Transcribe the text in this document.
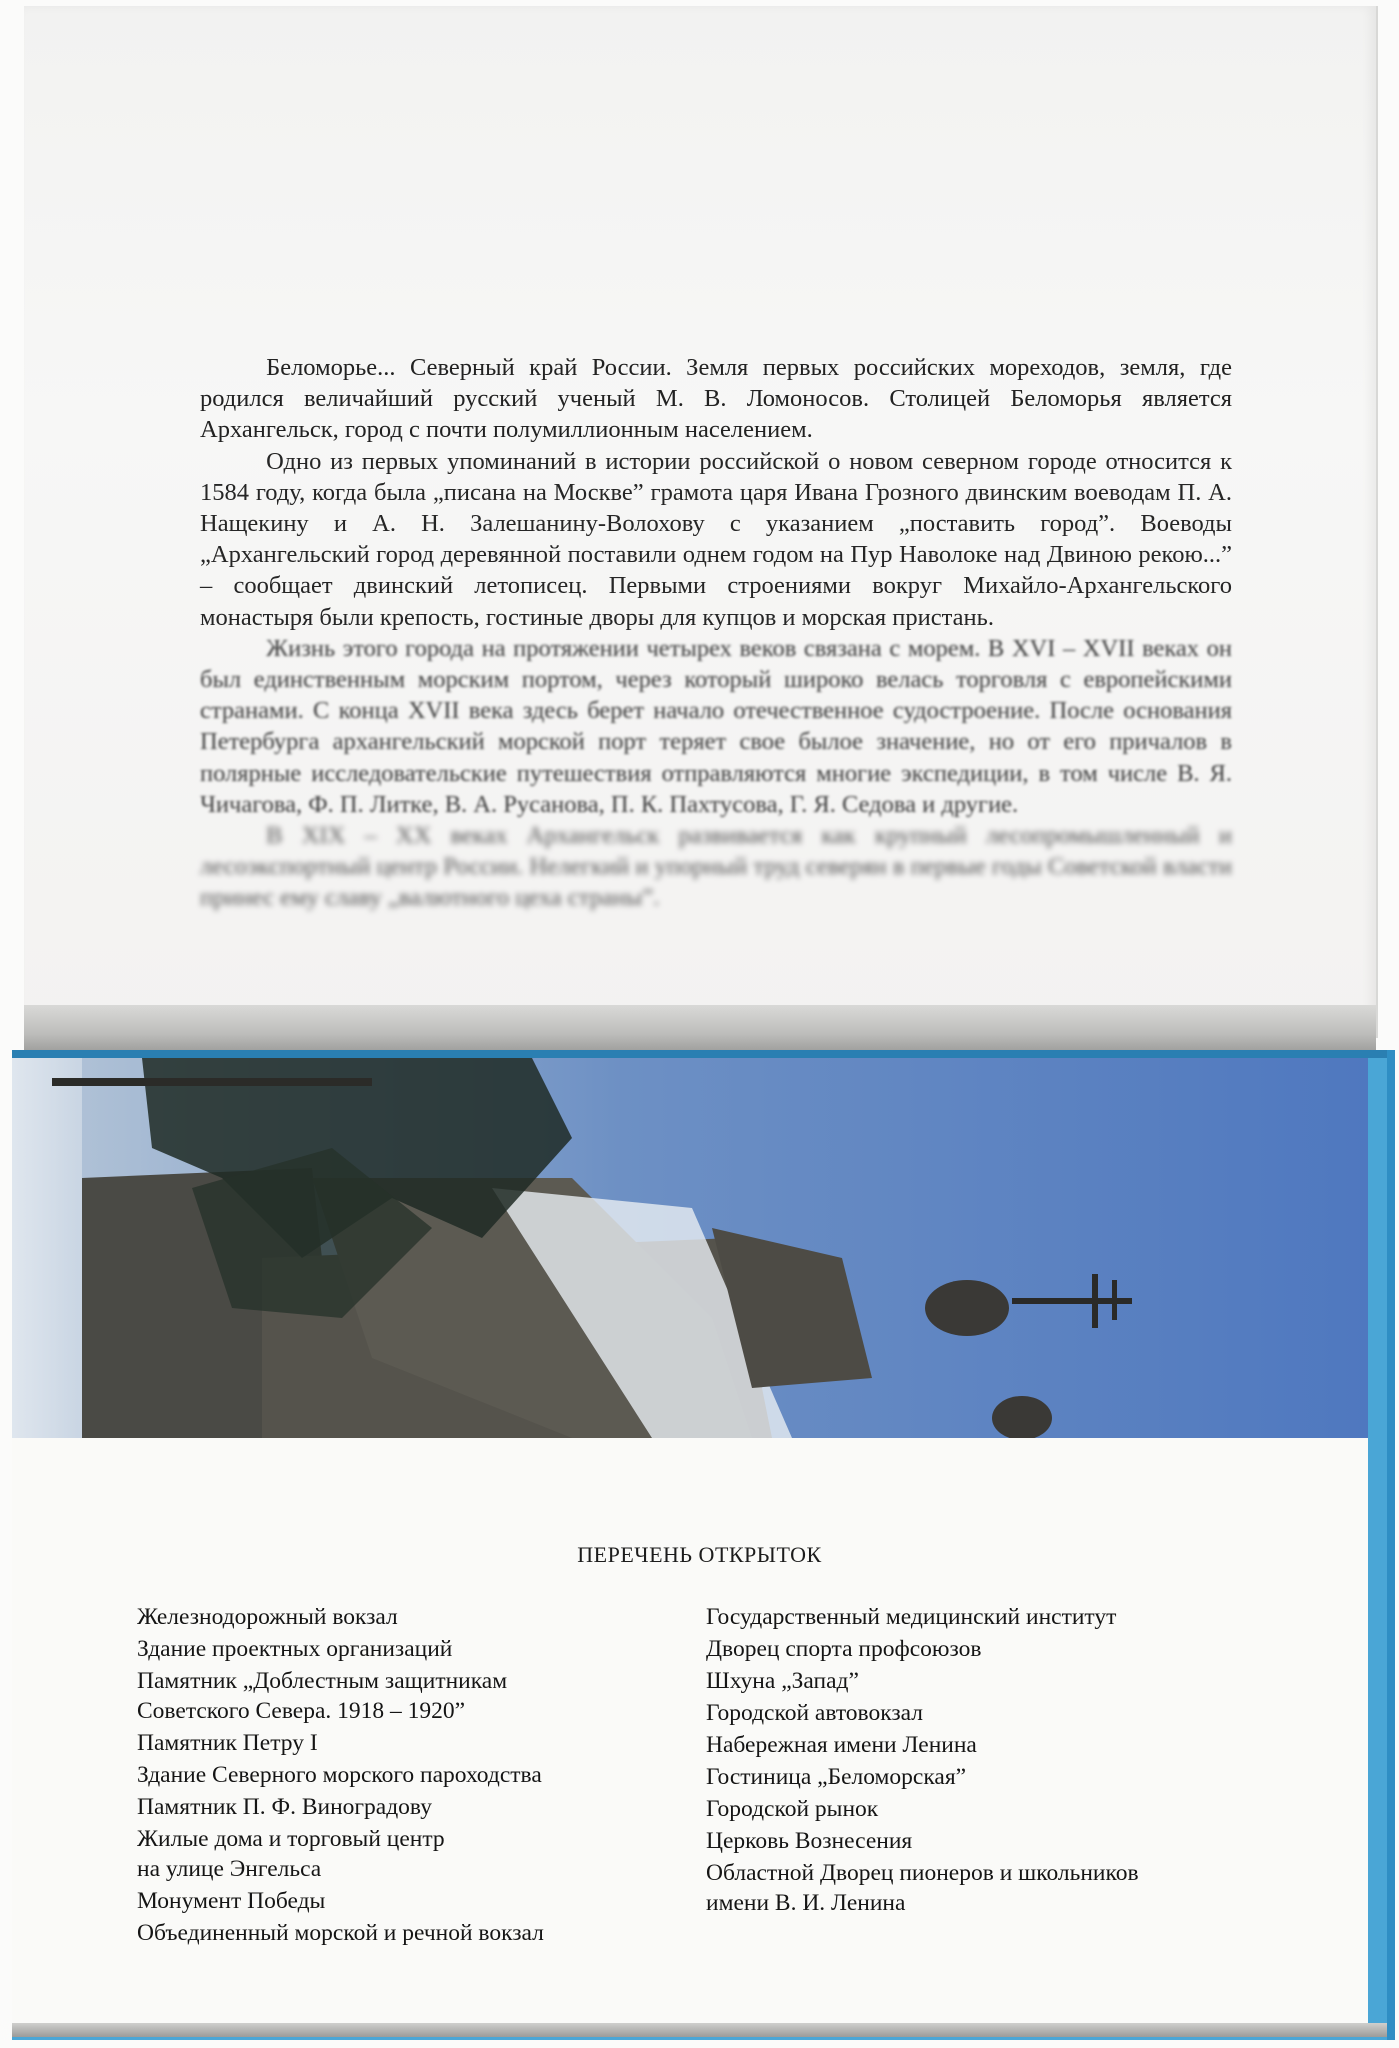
Беломорье... Северный край России. Земля первых российских мореходов, земля, где родился величайший русский ученый М. В. Ломоносов. Столицей Беломорья является Архангельск, город с почти полумиллионным населением.

Одно из первых упоминаний в истории российской о новом северном городе относится к 1584 году, когда была „писана на Москве” грамота царя Ивана Грозного двинским воеводам П. А. Нащекину и А. Н. Залешанину-Волохову с указанием „поставить город”. Воеводы „Архангельский город деревянной поставили однем годом на Пур Наволоке над Двиною рекою...” – сообщает двинский летописец. Первыми строениями вокруг Михайло-Архангельского монастыря были крепость, гостиные дворы для купцов и морская пристань.

Жизнь этого города на протяжении четырех веков связана с морем. В XVI – XVII веках он был единственным морским портом, через который широко велась торговля с европейскими странами. С конца XVII века здесь берет начало отечественное судостроение. После основания Петербурга архангельский морской порт теряет свое былое значение, но от его причалов в полярные исследовательские путешествия отправляются многие экспедиции, в том числе В. Я. Чичагова, Ф. П. Литке, В. А. Русанова, П. К. Пахтусова, Г. Я. Седова и другие.

В XIX – XX веках Архангельск развивается как крупный лесопромышленный и лесоэкспортный центр России. Нелегкий и упорный труд северян в первые годы Советской власти принес ему славу „валютного цеха страны”.

ПЕРЕЧЕНЬ ОТКРЫТОК
Железнодорожный вокзал
Здание проектных организаций
Памятник „Доблестным защитникам
Советского Севера. 1918 – 1920”
Памятник Петру I
Здание Северного морского пароходства
Памятник П. Ф. Виноградову
Жилые дома и торговый центр
на улице Энгельса
Монумент Победы
Объединенный морской и речной вокзал
Государственный медицинский институт
Дворец спорта профсоюзов
Шхуна „Запад”
Городской автовокзал
Набережная имени Ленина
Гостиница „Беломорская”
Городской рынок
Церковь Вознесения
Областной Дворец пионеров и школьников
имени В. И. Ленина
